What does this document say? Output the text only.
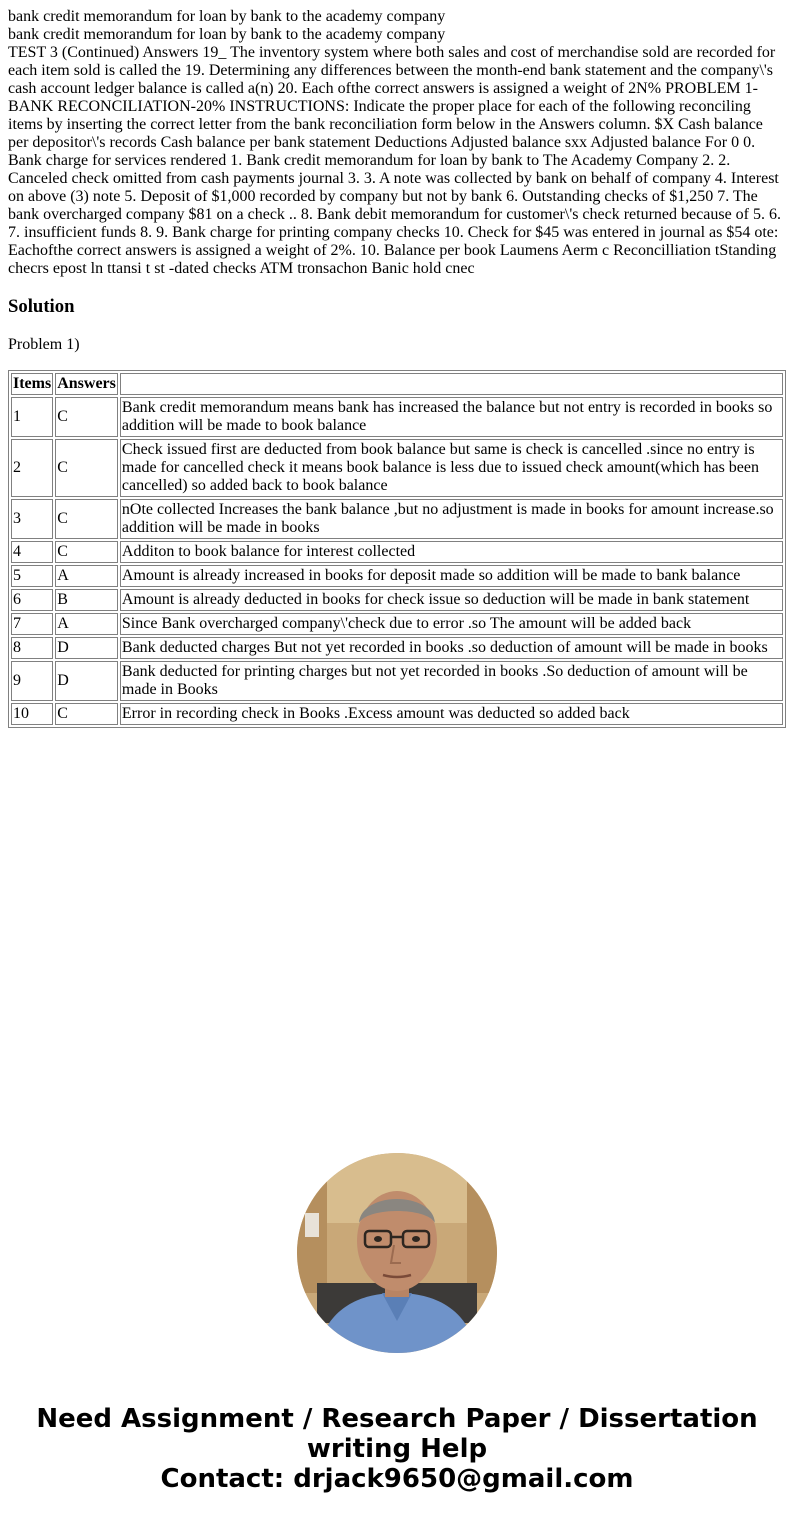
bank credit memorandum for loan by bank to the academy company
bank credit memorandum for loan by bank to the academy company
TEST 3 (Continued) Answers 19_ The inventory system where both sales and cost of merchandise sold are recorded for each item sold is called the 19. Determining any differences between the month-end bank statement and the company\'s cash account ledger balance is called a(n) 20. Each ofthe correct answers is assigned a weight of 2N% PROBLEM 1- BANK RECONCILIATION-20% INSTRUCTIONS: Indicate the proper place for each of the following reconciling items by inserting the correct letter from the bank reconciliation form below in the Answers column. $X Cash balance per depositor\'s records Cash balance per bank statement Deductions Adjusted balance sxx Adjusted balance For 0 0. Bank charge for services rendered 1. Bank credit memorandum for loan by bank to The Academy Company 2. 2. Canceled check omitted from cash payments journal 3. 3. A note was collected by bank on behalf of company 4. Interest on above (3) note 5. Deposit of $1,000 recorded by company but not by bank 6. Outstanding checks of $1,250 7. The bank overcharged company $81 on a check .. 8. Bank debit memorandum for customer\'s check returned because of 5. 6. 7. insufficient funds 8. 9. Bank charge for printing company checks 10. Check for $45 was entered in journal as $54 ote: Eachofthe correct answers is assigned a weight of 2%. 10. Balance per book Laumens Aerm c Reconcilliation tStanding checrs epost ln ttansi t st -dated checks ATM tronsachon Banic hold cnec
Solution

Problem 1)

Items	Answers	
1	C	Bank credit memorandum means bank has increased the balance but not entry is recorded in books so addition will be made to book balance
2	C	Check issued first are deducted from book balance but same is check is cancelled .since no entry is made for cancelled check it means book balance is less due to issued check amount(which has been cancelled) so added back to book balance
3	C	nOte collected Increases the bank balance ,but no adjustment is made in books for amount increase.so addition will be made in books
4	C	Additon to book balance for interest collected
5	A	Amount is already increased in books for deposit made so addition will be made to bank balance
6	B	Amount is already deducted in books for check issue so deduction will be made in bank statement
7	A	Since Bank overcharged company\'check due to error .so The amount will be added back
8	D	Bank deducted charges But not yet recorded in books .so deduction of amount will be made in books
9	D	Bank deducted for printing charges but not yet recorded in books .So deduction of amount will be made in Books
10	C	Error in recording check in Books .Excess amount was deducted so added back
Need Assignment / Research Paper / Dissertation
writing Help
Contact: drjack9650@gmail.com
